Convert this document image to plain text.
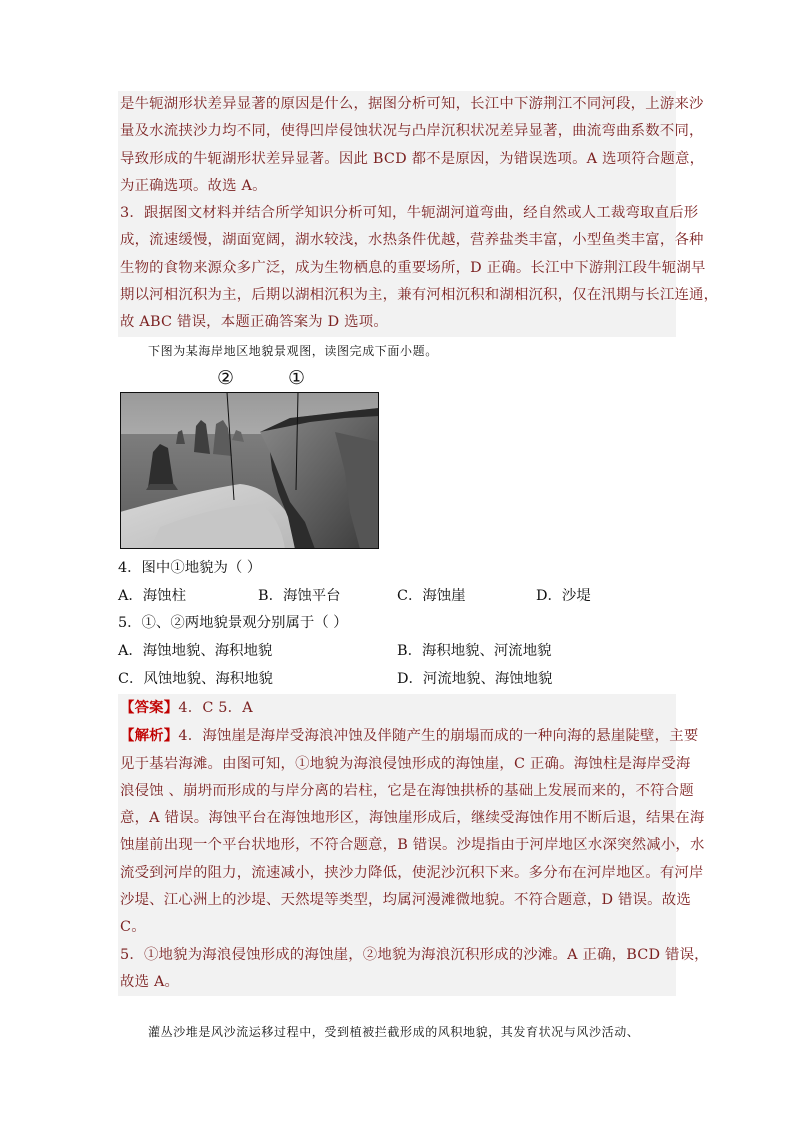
是牛轭湖形状差异显著的原因是什么，据图分析可知，长江中下游荆江不同河段，上游来沙
量及水流挟沙力均不同，使得凹岸侵蚀状况与凸岸沉积状况差异显著，曲流弯曲系数不同，
导致形成的牛轭湖形状差异显著。因此 BCD 都不是原因，为错误选项。A 选项符合题意，
为正确选项。故选 A。
3．跟据图文材料并结合所学知识分析可知，牛轭湖河道弯曲，经自然或人工裁弯取直后形
成，流速缓慢，湖面宽阔，湖水较浅，水热条件优越，营养盐类丰富，小型鱼类丰富，各种
生物的食物来源众多广泛，成为生物栖息的重要场所，D 正确。长江中下游荆江段牛轭湖早
期以河相沉积为主，后期以湖相沉积为主，兼有河相沉积和湖相沉积，仅在汛期与长江连通，
故 ABC 错误，本题正确答案为 D 选项。
下图为某海岸地区地貌景观图，读图完成下面小题。
②	①
4．图中①地貌为（ ）
A．海蚀柱	B．海蚀平台	C．海蚀崖	D．沙堤
5．①、②两地貌景观分别属于（ ）
A．海蚀地貌、海积地貌	B．海积地貌、河流地貌
C．风蚀地貌、海积地貌	D．河流地貌、海蚀地貌
【答案】4．C 5．A
【解析】4．海蚀崖是海岸受海浪冲蚀及伴随产生的崩塌而成的一种向海的悬崖陡壁，主要
见于基岩海滩。由图可知，①地貌为海浪侵蚀形成的海蚀崖，C 正确。海蚀柱是海岸受海
浪侵蚀 、崩坍而形成的与岸分离的岩柱，它是在海蚀拱桥的基础上发展而来的，不符合题
意，A 错误。海蚀平台在海蚀地形区，海蚀崖形成后，继续受海蚀作用不断后退，结果在海
蚀崖前出现一个平台状地形，不符合题意，B 错误。沙堤指由于河岸地区水深突然减小，水
流受到河岸的阻力，流速减小，挟沙力降低，使泥沙沉积下来。多分布在河岸地区。有河岸
沙堤、江心洲上的沙堤、天然堤等类型，均属河漫滩微地貌。不符合题意，D 错误。故选
C。
5．①地貌为海浪侵蚀形成的海蚀崖，②地貌为海浪沉积形成的沙滩。A 正确，BCD 错误，
故选 A。
灌丛沙堆是风沙流运移过程中，受到植被拦截形成的风积地貌，其发育状况与风沙活动、
